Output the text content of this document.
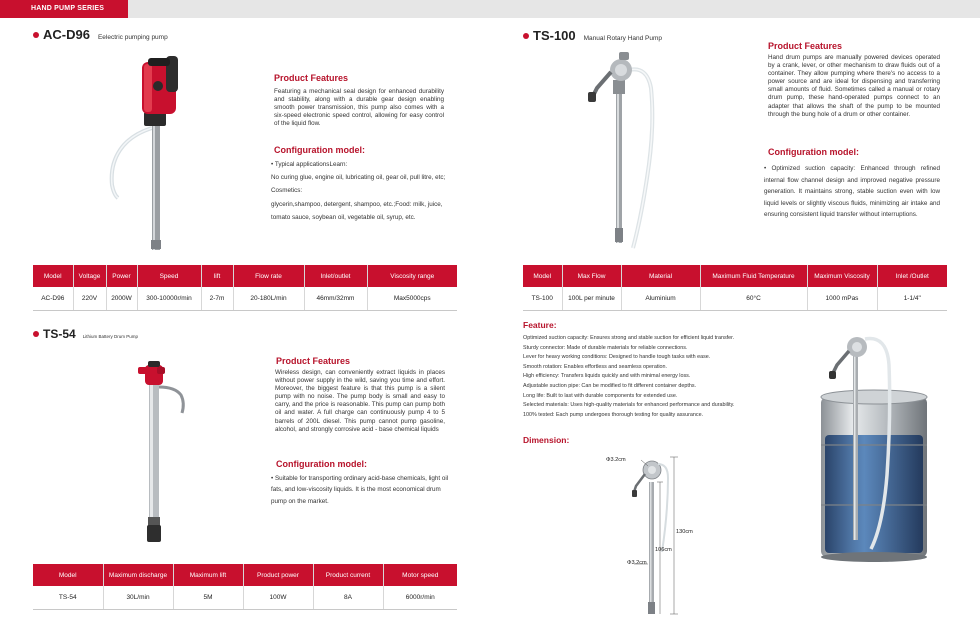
HAND PUMP SERIES
AC-D96 Eelectric pumping pump
Product Features
Featuring a mechanical seal design for enhanced durability and stability, along with a durable gear design enabling smooth power transmission, this pump also comes with a six-speed electronic speed control, allowing for easy control of the liquid flow.
Configuration model:

• Typical applicationsLearn:

No curing glue, engine oil, lubricating oil, gear oil, pull litre, etc;

Cosmetics:

glycerin,shampoo, detergent, shampoo, etc.;Food: milk, juice,

tomato sauce, soybean oil, vegetable oil, syrup, etc.

Model	Voltage	Power	Speed	lift	Flow rate	Inlet/outlet	Viscosity range
AC-D96	220V	2000W	300-10000r/min	2-7m	20-180L/min	46mm/32mm	Max5000cps
TS-54 Lithium Battery Drum Pump
Product Features
Wireless design, can conveniently extract liquids in places without power supply in the wild, saving you time and effort. Moreover, the biggest feature is that this pump is a silent pump with no noise. The pump body is small and easy to carry, and the price is reasonable. This pump can pump both oil and water. A full charge can continuously pump 4 to 5 barrels of 200L diesel. This pump cannot pump gasoline, alcohol, and strongly corrosive acid - base chemical liquids
Configuration model:
• Suitable for transporting ordinary acid-base chemicals, light oil fats, and low-viscosity liquids. It is the most economical drum pump on the market.
Model	Maximum discharge	Maximum lift	Product power	Product current	Motor speed
TS-54	30L/min	5M	100W	8A	6000r/min
TS-100 Manual Rotary Hand Pump
Product Features
Hand drum pumps are manually powered devices operated by a crank, lever, or other mechanism to draw fluids out of a container. They allow pumping where there's no access to a power source and are ideal for dispensing and transferring small amounts of fluid. Sometimes called a manual or rotary drum pump, these hand-operated pumps connect to an adapter that allows the shaft of the pump to be mounted through the bung hole of a drum or other container.
Configuration model:
• Optimized suction capacity: Enhanced through refined internal flow channel design and improved negative pressure generation. It maintains strong, stable suction even with low liquid levels or slightly viscous fluids, minimizing air intake and ensuring consistent liquid transfer without interruptions.
Model	Max Flow	Material	Maximum Fluid Temperature	Maximum Viscosity	Inlet /Outlet
TS-100	100L per minute	Aluminium	60°C	1000 mPas	1-1/4"
Feature:
Optimized suction capacity: Ensures strong and stable suction for efficient liquid transfer.
Sturdy connector: Made of durable materials for reliable connections.
Lever for heavy working conditions: Designed to handle tough tasks with ease.
Smooth rotation: Enables effortless and seamless operation.
High efficiency: Transfers liquids quickly and with minimal energy loss.
Adjustable suction pipe: Can be modified to fit different container depths.
Long life: Built to last with durable components for extended use.
Selected materials: Uses high-quality materials for enhanced performance and durability.
100% tested: Each pump undergoes thorough testing for quality assurance.
Dimension:
Φ3.2cm
130cm
106cm
Φ3.2cm
